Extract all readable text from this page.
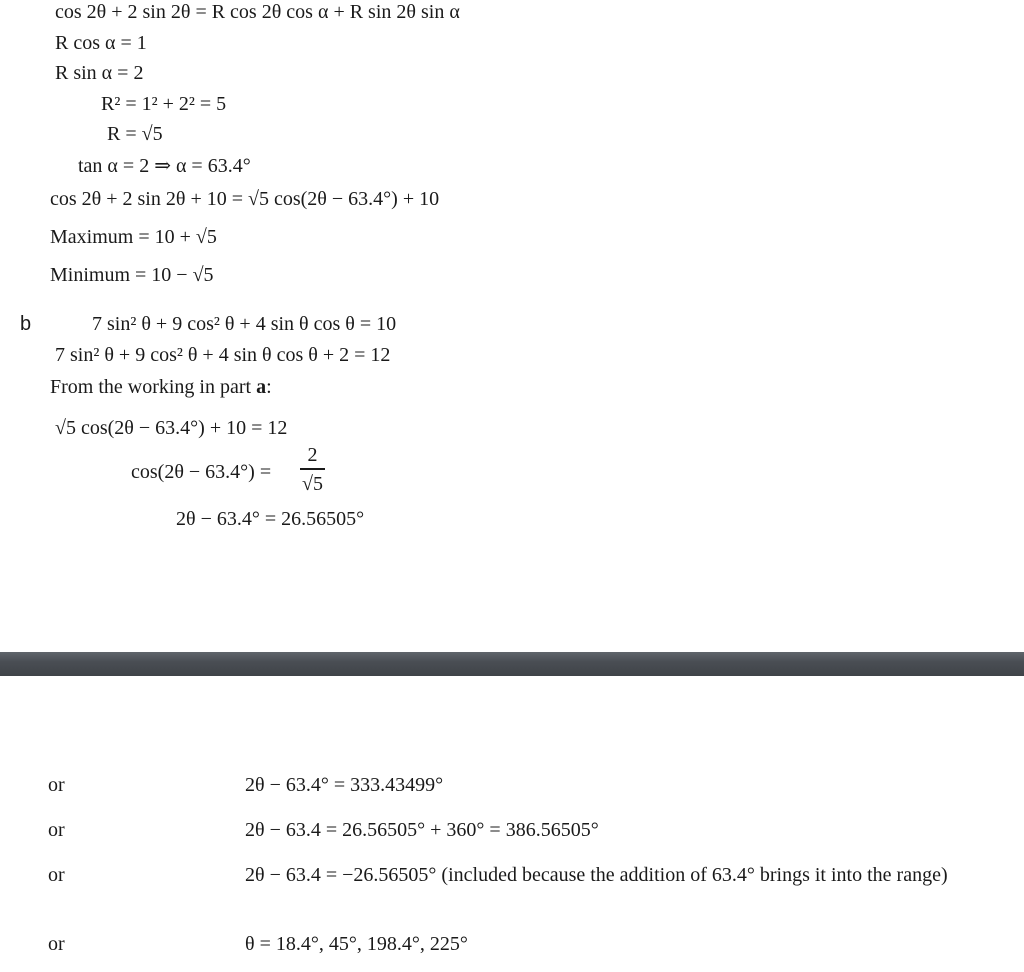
cos 2θ + 2 sin 2θ = R cos 2θ cos α + R sin 2θ sin α
R cos α = 1
R sin α = 2
R² = 1² + 2² = 5
R = √5
tan α = 2 ⇒ α = 63.4°
cos 2θ + 2 sin 2θ + 10 = √5 cos(2θ − 63.4°) + 10
Maximum = 10 + √5
Minimum = 10 − √5
b	7 sin² θ + 9 cos² θ + 4 sin θ cos θ = 10
7 sin² θ + 9 cos² θ + 4 sin θ cos θ + 2 = 12
From the working in part a:
√5 cos(2θ − 63.4°) + 10 = 12
cos(2θ − 63.4°) =
2
√5
2θ − 63.4° = 26.56505°
or	2θ − 63.4° = 333.43499°
or	2θ − 63.4 = 26.56505° + 360° = 386.56505°
or	2θ − 63.4 = −26.56505° (included because the addition of 63.4° brings it into the range)
or	θ = 18.4°, 45°, 198.4°, 225°
